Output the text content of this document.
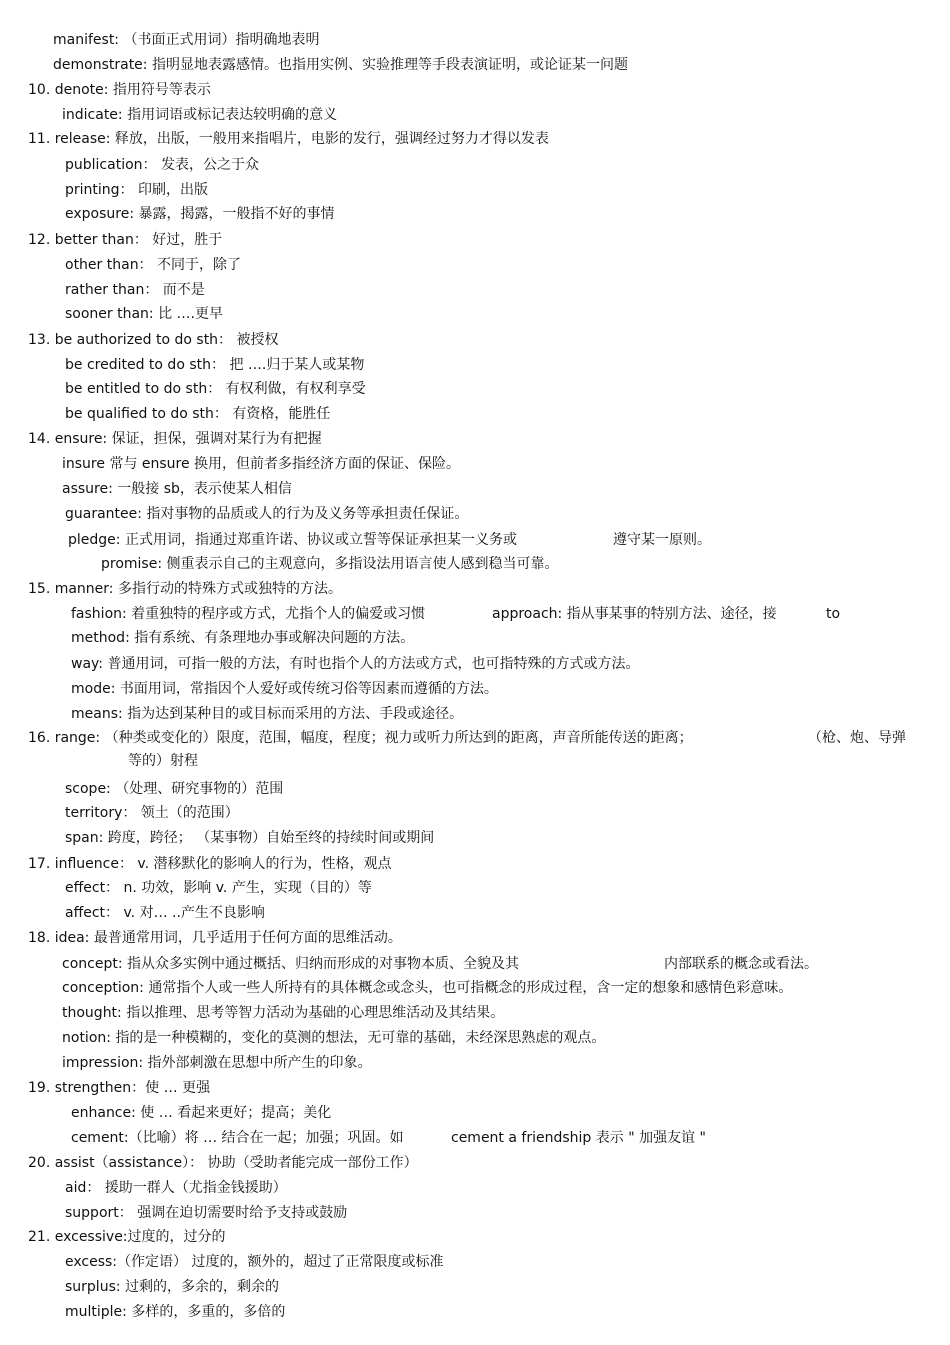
manifest: （书面正式用词）指明确地表明
demonstrate: 指明显地表露感情。也指用实例、实验推理等手段表演证明，或论证某一问题
10. denote: 指用符号等表示
indicate: 指用词语或标记表达较明确的意义
11. release: 释放，出版，一般用来指唱片，电影的发行，强调经过努力才得以发表
publication： 发表，公之于众
printing： 印刷，出版
exposure: 暴露，揭露，一般指不好的事情
12. better than： 好过，胜于
other than： 不同于，除了
rather than： 而不是
sooner than: 比 ….更早
13. be authorized to do sth： 被授权
be credited to do sth： 把 ….归于某人或某物
be entitled to do sth： 有权利做，有权利享受
be qualified to do sth： 有资格，能胜任
14. ensure: 保证，担保，强调对某行为有把握
insure 常与 ensure 换用，但前者多指经济方面的保证、保险。
assure: 一般接 sb，表示使某人相信
guarantee: 指对事物的品质或人的行为及义务等承担责任保证。
pledge: 正式用词，指通过郑重许诺、协议或立誓等保证承担某一义务或	遵守某一原则。
promise: 侧重表示自己的主观意向，多指设法用语言使人感到稳当可靠。
15. manner: 多指行动的特殊方式或独特的方法。
fashion: 着重独特的程序或方式，尤指个人的偏爱或习惯	approach: 指从事某事的特别方法、途径，接	to
method: 指有系统、有条理地办事或解决问题的方法。
way: 普通用词，可指一般的方法，有时也指个人的方法或方式，也可指特殊的方式或方法。
mode: 书面用词，常指因个人爱好或传统习俗等因素而遵循的方法。
means: 指为达到某种目的或目标而采用的方法、手段或途径。
16. range: （种类或变化的）限度，范围，幅度，程度；视力或听力所达到的距离，声音所能传送的距离；	（枪、炮、导弹
等的）射程
scope: （处理、研究事物的）范围
territory： 领土（的范围）
span: 跨度，跨径； （某事物）自始至终的持续时间或期间
17. influence： v. 潜移默化的影响人的行为，性格，观点
effect： n. 功效，影响 v. 产生，实现（目的）等
affect： v. 对… ..产生不良影响
18. idea: 最普通常用词，几乎适用于任何方面的思维活动。
concept: 指从众多实例中通过概括、归纳而形成的对事物本质、全貌及其	内部联系的概念或看法。
conception: 通常指个人或一些人所持有的具体概念或念头，也可指概念的形成过程，含一定的想象和感情色彩意味。
thought: 指以推理、思考等智力活动为基础的心理思维活动及其结果。
notion: 指的是一种模糊的，变化的莫测的想法，无可靠的基础，未经深思熟虑的观点。
impression: 指外部刺激在思想中所产生的印象。
19. strengthen：使 … 更强
enhance: 使 … 看起来更好；提高；美化
cement:（比喻）将 … 结合在一起；加强；巩固。如	cement a friendship 表示 " 加强友谊 "
20. assist（assistance）： 协助（受助者能完成一部份工作）
aid： 援助一群人（尤指金钱援助）
support： 强调在迫切需要时给予支持或鼓励
21. excessive:过度的，过分的
excess:（作定语） 过度的，额外的，超过了正常限度或标准
surplus: 过剩的，多余的，剩余的
multiple: 多样的，多重的，多倍的
